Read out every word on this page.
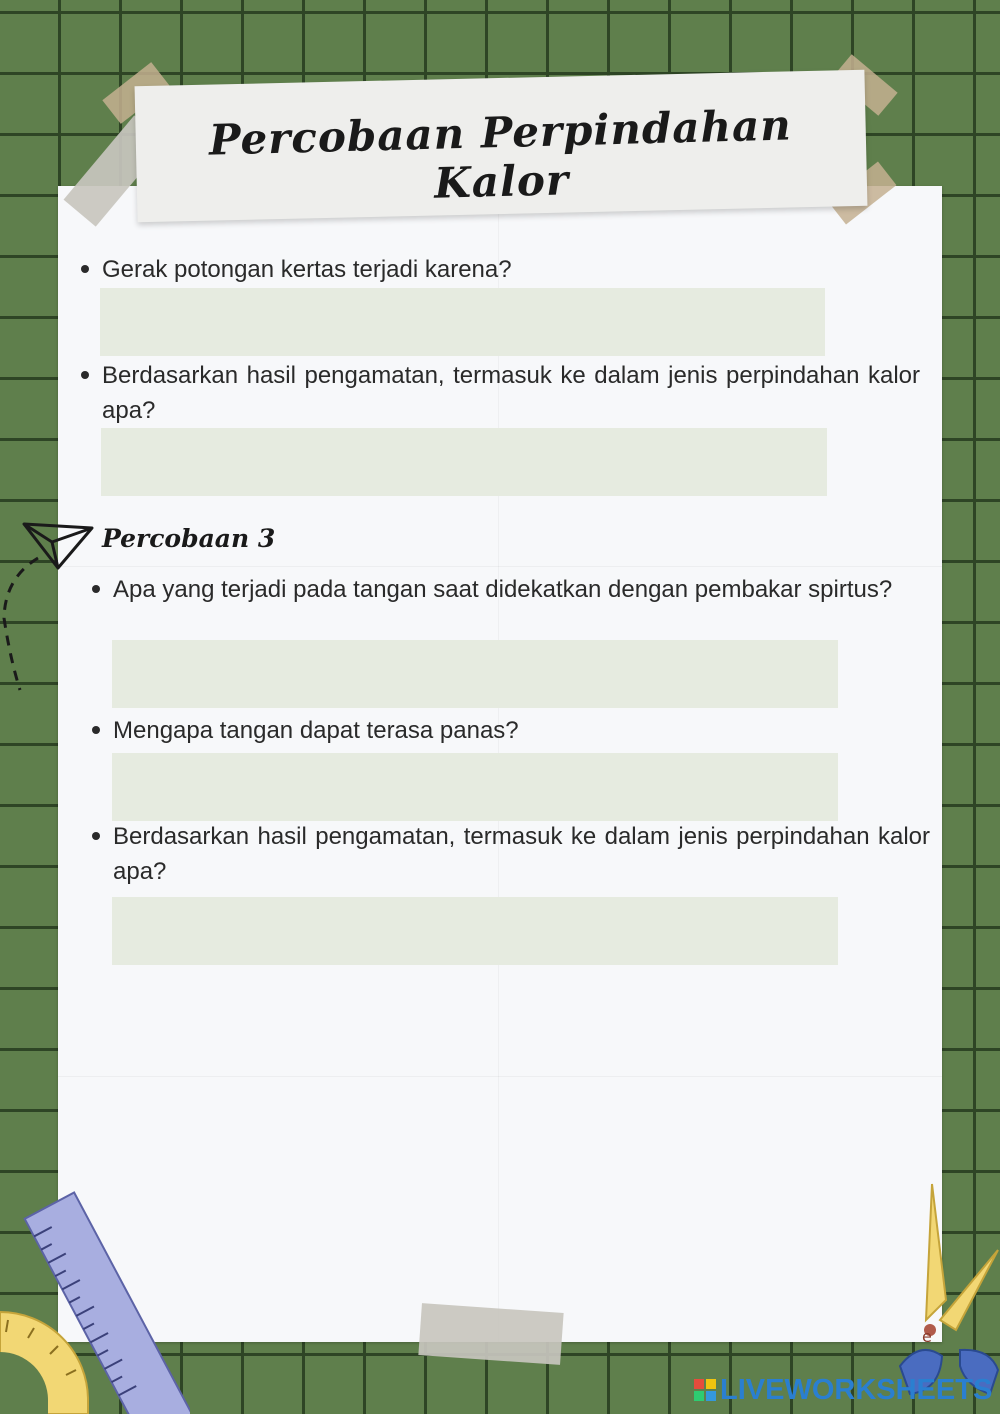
Percobaan Perpindahan Kalor
Gerak potongan kertas terjadi karena?
Berdasarkan hasil pengamatan, termasuk ke dalam jenis perpindahan kalor apa?
Percobaan 3
Apa yang terjadi pada tangan saat didekatkan dengan pembakar spirtus?
Mengapa tangan dapat terasa panas?
Berdasarkan hasil pengamatan, termasuk ke dalam jenis perpindahan kalor apa?
e
LIVEWORKSHEETS
